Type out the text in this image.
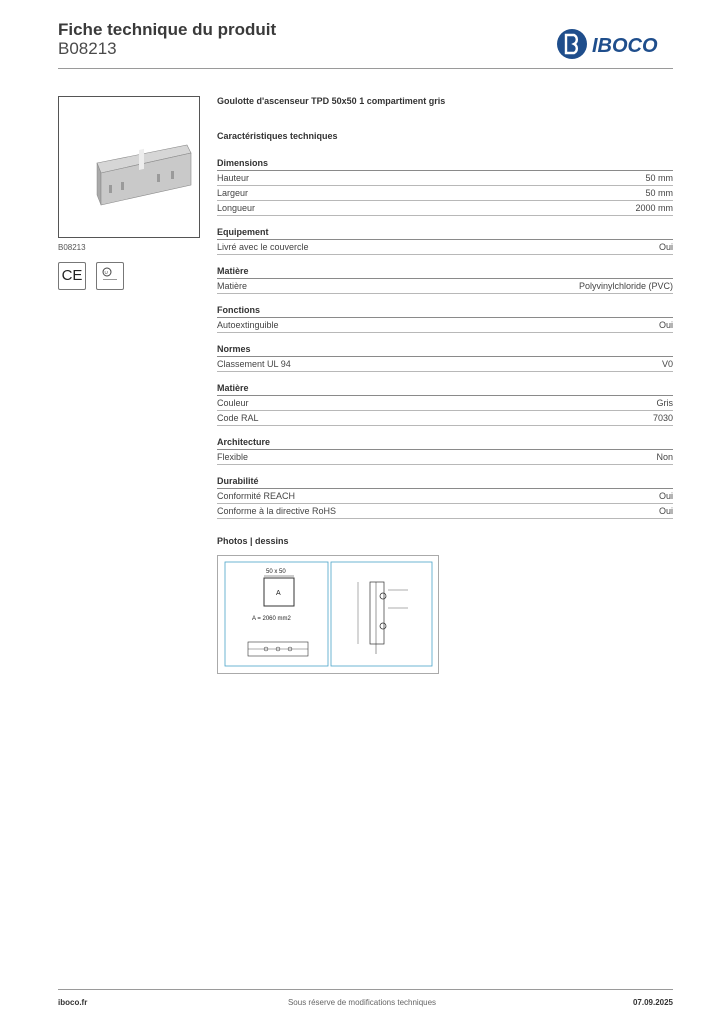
Fiche technique du produit
B08213	IBOCO
B08213
CE	U
Goulotte d'ascenseur TPD 50x50 1 compartiment gris
Caractéristiques techniques
Dimensions
Hauteur	50 mm
Largeur	50 mm
Longueur	2000 mm
Equipement
Livré avec le couvercle	Oui
Matière
Matière	Polyvinylchloride (PVC)
Fonctions
Autoextinguible	Oui
Normes
Classement UL 94	V0
Matière
Couleur	Gris
Code RAL	7030
Architecture
Flexible	Non
Durabilité
Conformité REACH	Oui
Conforme à la directive RoHS	Oui
Photos | dessins
50 x 50
A
A = 2060 mm2
iboco.fr	Sous réserve de modifications techniques	07.09.2025
